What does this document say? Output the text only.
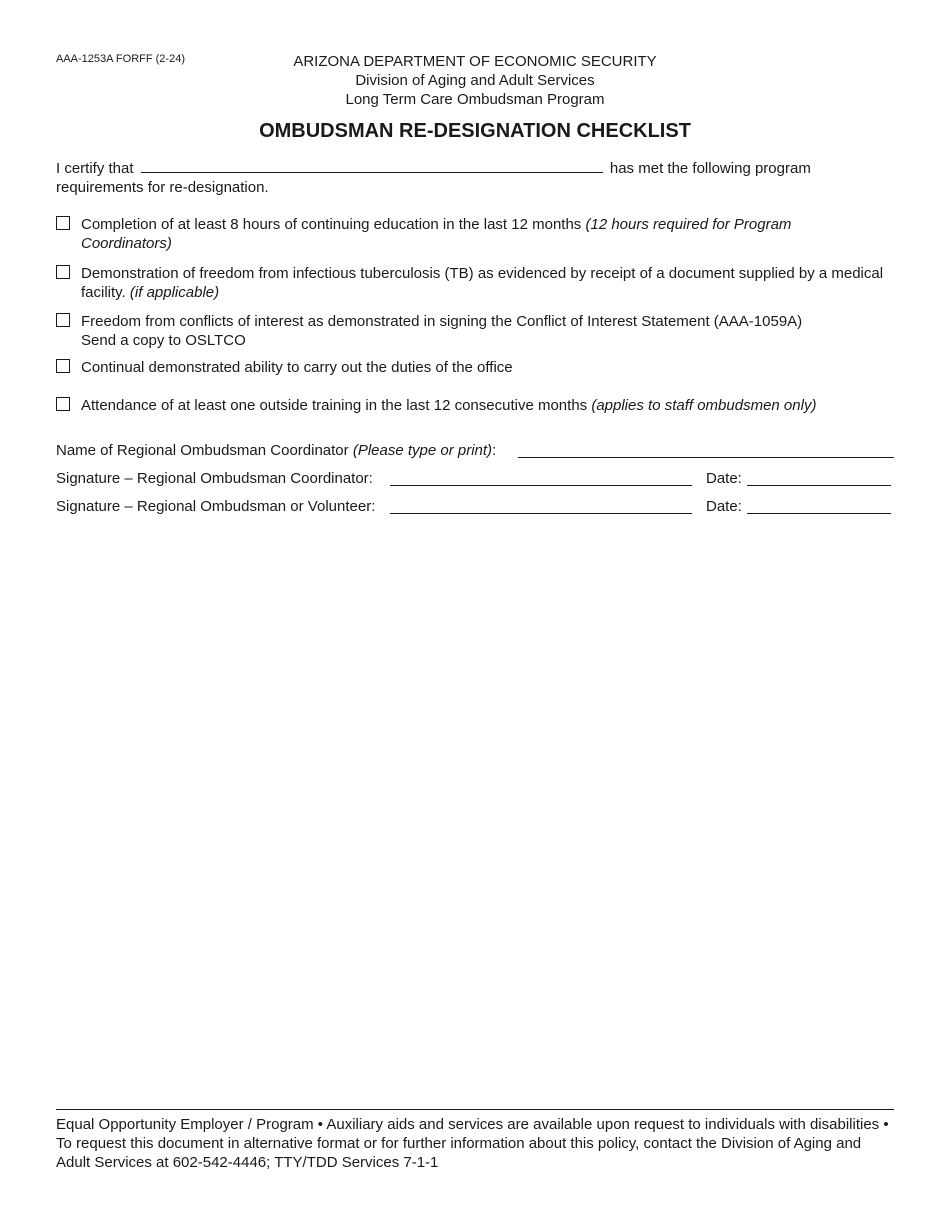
AAA-1253A FORFF (2-24)	ARIZONA DEPARTMENT OF ECONOMIC SECURITY
Division of Aging and Adult Services
Long Term Care Ombudsman Program
OMBUDSMAN RE-DESIGNATION CHECKLIST
I certify that	has met the following program
requirements for re-designation.
Completion of at least 8 hours of continuing education in the last 12 months (12 hours required for Program Coordinators)
Demonstration of freedom from infectious tuberculosis (TB) as evidenced by receipt of a document supplied by a medical facility. (if applicable)
Freedom from conflicts of interest as demonstrated in signing the Conflict of Interest Statement (AAA-1059A)
Send a copy to OSLTCO
Continual demonstrated ability to carry out the duties of the office
Attendance of at least one outside training in the last 12 consecutive months (applies to staff ombudsmen only)
Name of Regional Ombudsman Coordinator (Please type or print):
Signature – Regional Ombudsman Coordinator:	Date:
Signature – Regional Ombudsman or Volunteer:	Date:
Equal Opportunity Employer / Program • Auxiliary aids and services are available upon request to individuals with disabilities • To request this document in alternative format or for further information about this policy, contact the Division of Aging and Adult Services at 602-542-4446; TTY/TDD Services 7-1-1
